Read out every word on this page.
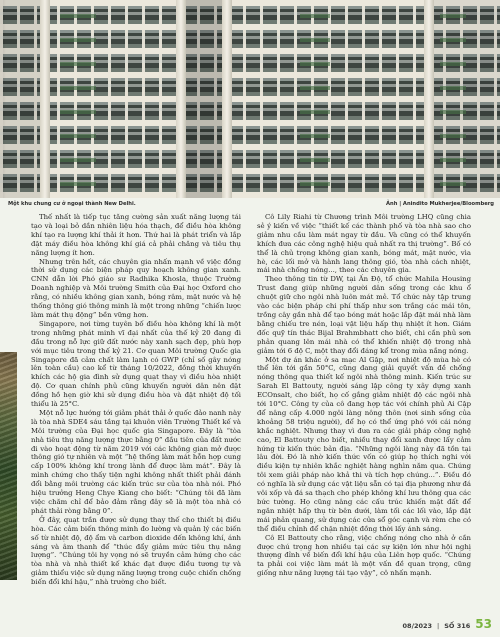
Một khu chung cư ở ngoại thành New Delhi.	Ảnh | Anindito Mukherjee/Bloomberg

Thế nhất là tiếp tục tăng cường sản xuất năng lượng tái tạo và loại bỏ dần nhiên liệu hóa thạch, để điều hòa không khí tạo ra lượng khí thải ít hơn. Thứ hai là phát triển và lắp đặt máy điều hòa không khí giá cả phải chăng và tiêu thụ năng lượng ít hơn.

Nhưng trên hết, các chuyên gia nhấn mạnh về việc đồng thời sử dụng các biện pháp quy hoạch không gian xanh. CNN dẫn lời Phó giáo sư Radhika Khosla, thuộc Trường Doanh nghiệp và Môi trường Smith của Đại học Oxford cho rằng, có nhiều không gian xanh, bóng râm, mặt nước và hệ thống thông gió thông minh là một trong những “chiến lược làm mát thụ động” bền vững hơn.

Singapore, nơi từng tuyên bố điều hòa không khí là một trong những phát minh vĩ đại nhất của thế kỷ 20 đang đi đầu trong nỗ lực giữ đất nước này xanh sạch đẹp, phù hợp với mục tiêu trong thế kỷ 21. Cơ quan Môi trường Quốc gia Singapore đã cảm chất làm lạnh có GWP (chỉ số gây nóng lên toàn cầu) cao kể từ tháng 10/2022, đồng thời khuyến khích các hộ gia đình sử dụng quạt thay vì điều hòa nhiệt độ. Cơ quan chính phủ cũng khuyến người dân nên đặt đồng hồ hẹn giờ khi sử dụng điều hòa và đặt nhiệt độ tối thiểu là 25°C.

Một nỗ lực hướng tới giảm phát thải ở quốc đảo nanh này là tòa nhà SDE4 sáu tầng tại khuôn viên Trường Thiết kế và Môi trường của Đại học quốc gia Singapore. Đây là “tòa nhà tiêu thụ năng lượng thực bằng 0” đầu tiên của đất nước đi vào hoạt động từ năm 2019 với các không gian mở được thông gió tự nhiên và một “hệ thống làm mát hỗn hợp cung cấp 100% không khí trong lành để được làm mát”. Đây là mình chứng cho thấy tiện nghi không nhất thiết phải đánh đổi bằng môi trường các kiến trúc sư của tòa nhà nói. Phó hiệu trưởng Heng Chye Kiang cho biết: “Chúng tôi đã làm việc chăm chỉ để bảo đảm rằng đây sẽ là một tòa nhà có phát thải ròng bằng 0”.

Ở đây, quạt trần được sử dụng thay thế cho thiết bị điều hòa. Các cảm biến thông minh đo lường và quản lý các biến số từ nhiệt độ, độ ẩm và carbon dioxide đến không khí, ánh sáng và âm thanh để “thúc đẩy giảm mức tiêu thụ năng lượng”. “Chúng tôi hy vọng nó sẽ truyền cảm hứng cho các tòa nhà và nhà thiết kế khác đạt được điều tương tự và giảm thiểu việc sử dụng năng lượng trong cuộc chiến chống biến đổi khí hậu,” nhà trường cho biết.

Cô Lily Riahi từ Chương trình Môi trường LHQ cũng chia sẻ ý kiến về việc “thiết kế các thành phố và tòa nhà sao cho giảm nhu cầu làm mát ngay từ đầu. Và cũng có thể khuyến khích đưa các công nghệ hiệu quả nhất ra thị trường”. Bố có thể là chủ trọng không gian xanh, bóng mát, mặt nước, vìa hè, các lối mở và hành lang thông gió, tòa nhà cách nhiệt, mái nhà chống nóng..., theo các chuyên gia.

Theo thông tin từ DW, tại Ấn Độ, tổ chức Mahila Housing Trust đang giúp những người dân sống trong các khu ổ chuột giữ cho ngôi nhà luôn mát mẻ. Tổ chức này tập trung vào các biện pháp chi phí thấp như sơn trắng các mái tôn, trồng cây gần nhà để tạo bóng mát hoặc lắp đặt mái nhà làm bằng chiếu tre nén, loại vật liệu hấp thụ nhiệt ít hơn. Giám đốc quỹ tín thác Bijal Brahmbhatt cho biết, chi cần phủ sơn phản quang lên mái nhà có thể khiến nhiệt độ trong nhà giảm tới 6 độ C, một thay đổi đáng kể trong mùa nắng nóng.

Một dự án khác ở sa mạc Al Gập, nơi nhiệt độ mùa hè có thể lên tới gần 50°C, cũng đang giải quyết vấn đề chống nóng thông qua thiết kế ngôi nhà thông minh. Kiến trúc sư Sarah El Battouty, người sáng lập công ty xây dựng xanh ECOnsalt, cho biết, họ cố gắng giảm nhiệt độ các ngôi nhà tới 10°C. Công ty của cô đang hợp tác với chính phủ Ai Cập để nâng cấp 4.000 ngôi làng nông thôn (nơi sinh sống của khoảng 58 triệu người), để họ có thể ứng phó với cái nóng khắc nghiệt. Nhưng thay vì đưa ra các giải pháp công nghệ cao, El Battouty cho biết, nhiều thay đổi xanh được lấy cảm hứng từ kiến thức bản địa. “Những ngôi làng này đã tồn tại lâu đời. Đó là nhờ kiến thức vốn có giúp họ thích nghi với điều kiện tự nhiên khắc nghiệt hàng nghìn năm qua. Chúng tôi xem giải pháp nào khả thi và tích hợp chúng...”. Điều đó có nghĩa là sử dụng các vật liệu sẵn có tại địa phương như đá vôi xốp và đá sa thạch cho phép không khí lưu thông qua các bức tường. Họ cũng nâng các cấu trúc khiến mặt đất để ngăn nhiệt hấp thụ từ bên dưới, làm tối các lối vào, lắp đặt mái phản quang, sử dụng các cửa sổ góc cạnh và rèm che có thể điều chỉnh để chặn nhiệt đồng thời lấy ánh sáng.

Cô El Battouty cho rằng, việc chống nóng cho nhà ở cần được chú trọng hơn nhiều tại các sự kiện lớn như hội nghị thượng đỉnh về biến đổi khí hậu của Liên hợp quốc. “Chúng ta phải coi việc làm mát là một vấn đề quan trọng, cũng giống như năng lượng tái tạo vậy”, cô nhấn mạnh.

08/2023 | SỐ 316 53
